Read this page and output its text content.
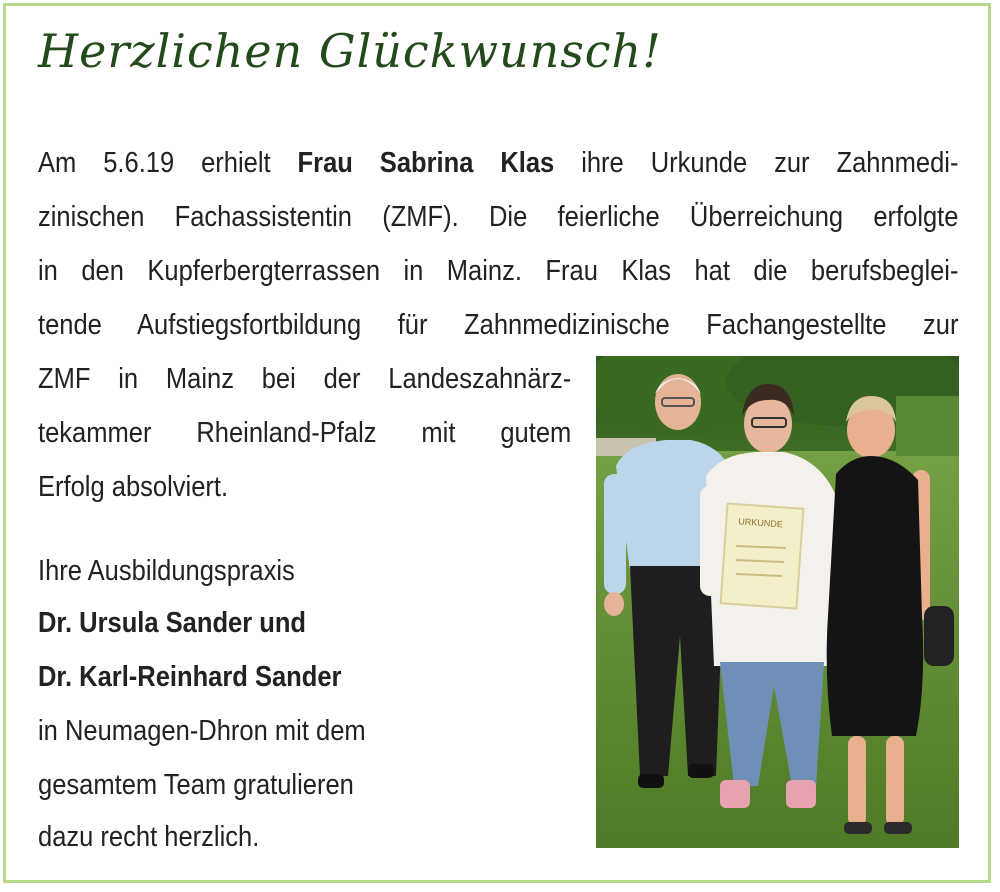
Herzlichen Glückwunsch!
Am 5.6.19 erhielt Frau Sabrina Klas ihre Urkunde zur Zahnmedi-
zinischen Fachassistentin (ZMF). Die feierliche Überreichung erfolgte
in den Kupferbergterrassen in Mainz. Frau Klas hat die berufsbeglei-
tende Aufstiegsfortbildung für Zahnmedizinische Fachangestellte zur
ZMF in Mainz bei der Landeszahnärz-
tekammer Rheinland-Pfalz mit gutem
Erfolg absolviert.
Ihre Ausbildungspraxis
Dr. Ursula Sander und
Dr. Karl-Reinhard Sander
in Neumagen-Dhron mit dem
gesamtem Team gratulieren
dazu recht herzlich.
URKUNDE
